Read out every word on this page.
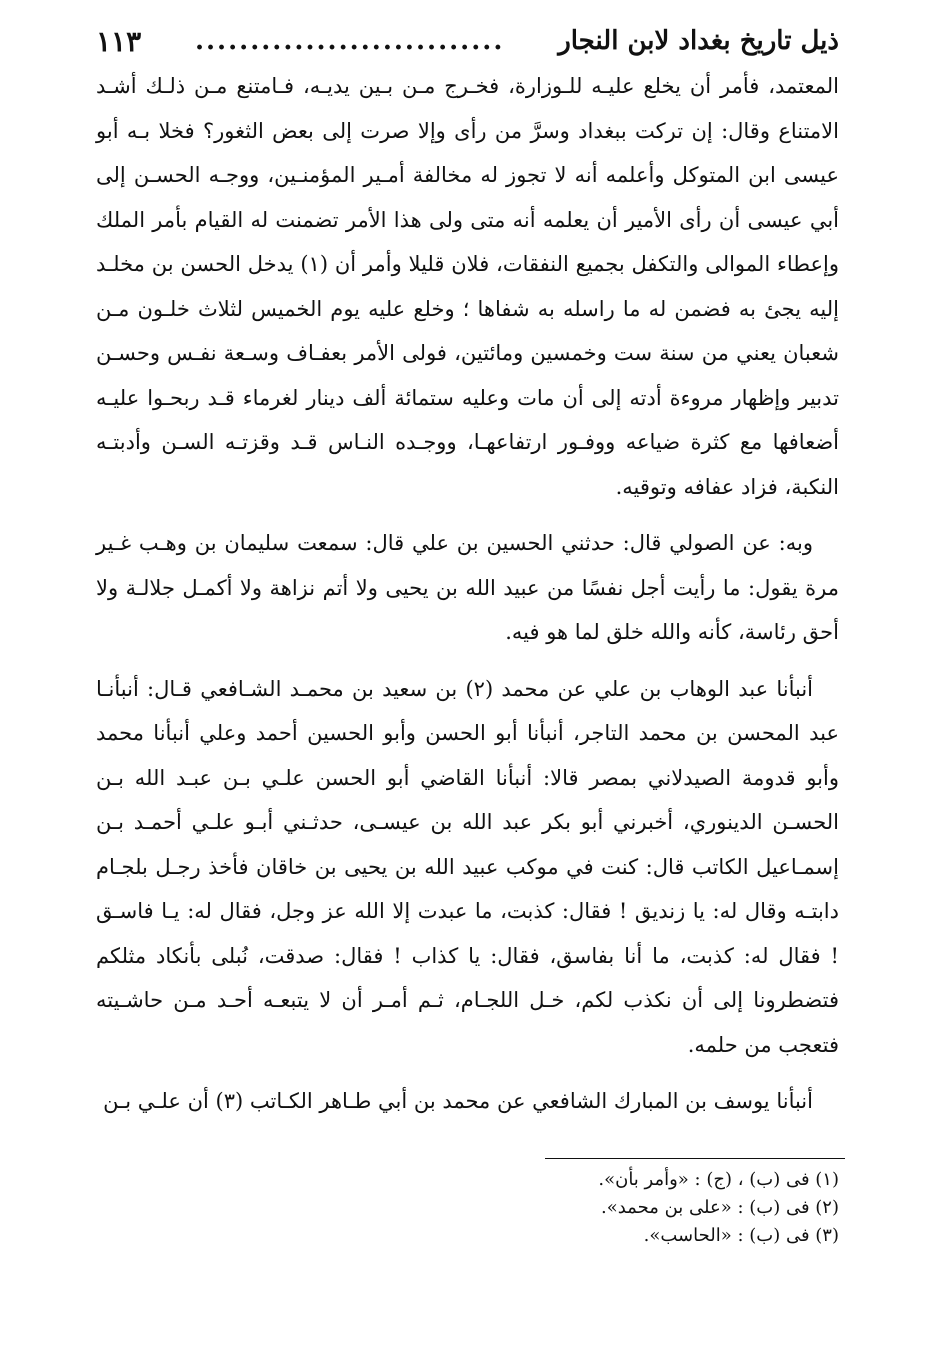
ذيل تاريخ بغداد لابن النجار
............................
١١٣

المعتمد، فأمر أن يخلع عليـه للـوزارة، فخـرج مـن بـين يديـه، فـامتنع مـن ذلـك أشـد الامتناع وقال: إن تركت ببغداد وسرَّ من رأى وإلا صرت إلى بعض الثغور؟ فخلا بـه أبو عيسى ابن المتوكل وأعلمه أنه لا تجوز له مخالفة أمـير المؤمنـين، ووجـه الحسـن إلى أبي عيسى أن رأى الأمير أن يعلمه أنه متى ولى هذا الأمر تضمنت له القيام بأمر الملك وإعطاء الموالى والتكفل بجميع النفقات، فلان قليلا وأمر أن (١) يدخل الحسن بن مخلـد إليه يجئ به فضمن له ما راسله به شفاها ؛ وخلع عليه يوم الخميس لثلاث خلـون مـن شعبان يعني من سنة ست وخمسين ومائتين، فولى الأمر بعفـاف وسـعة نفـس وحسـن تدبير وإظهار مروءة أدته إلى أن مات وعليه ستمائة ألف دينار لغرماء قـد ربحـوا عليـه أضعافها مع كثرة ضياعه ووفـور ارتفاعهـا، ووجـده النـاس قـد وقزتـه السـن وأدبتـه النكبة، فزاد عفافه وتوقيه.

وبه: عن الصولي قال: حدثني الحسين بن علي قال: سمعت سليمان بن وهـب غـير مرة يقول: ما رأيت أجل نفسًا من عبيد الله بن يحيى ولا أتم نزاهة ولا أكمـل جلالـة ولا أحق رئاسة، كأنه والله خلق لما هو فيه.

أنبأنا عبد الوهاب بن علي عن محمد (٢) بن سعيد بن محمـد الشـافعي قـال: أنبأنـا عبد المحسن بن محمد التاجر، أنبأنا أبو الحسن وأبو الحسين أحمد وعلي أنبأنا محمد وأبو قدومة الصيدلاني بمصر قالا: أنبأنا القاضي أبو الحسن علـي بـن عبـد الله بـن الحسـن الدينوري، أخبرني أبو بكر عبد الله بن عيسـى، حدثـني أبـو علـي أحمـد بـن إسمـاعيل الكاتب قال: كنت في موكب عبيد الله بن يحيى بن خاقان فأخذ رجـل بلجـام دابتـه وقال له: يا زنديق ! فقال: كذبت، ما عبدت إلا الله عز وجل، فقال له: يـا فاسـق ! فقال له: كذبت، ما أنا بفاسق، فقال: يا كذاب ! فقال: صدقت، نُبلى بأنكاد مثلكم فتضطرونا إلى أن نكذب لكم، خـل اللجـام، ثـم أمـر أن لا يتبعـه أحـد مـن حاشـيته فتعجب من حلمه.

أنبأنا يوسف بن المبارك الشافعي عن محمد بن أبي طـاهر الكـاتب (٣) أن علـي بـن

(١) فى (ب) ، (ج) : «وأمر بأن».

(٢) فى (ب) : «على بن محمد».

(٣) فى (ب) : «الحاسب».
